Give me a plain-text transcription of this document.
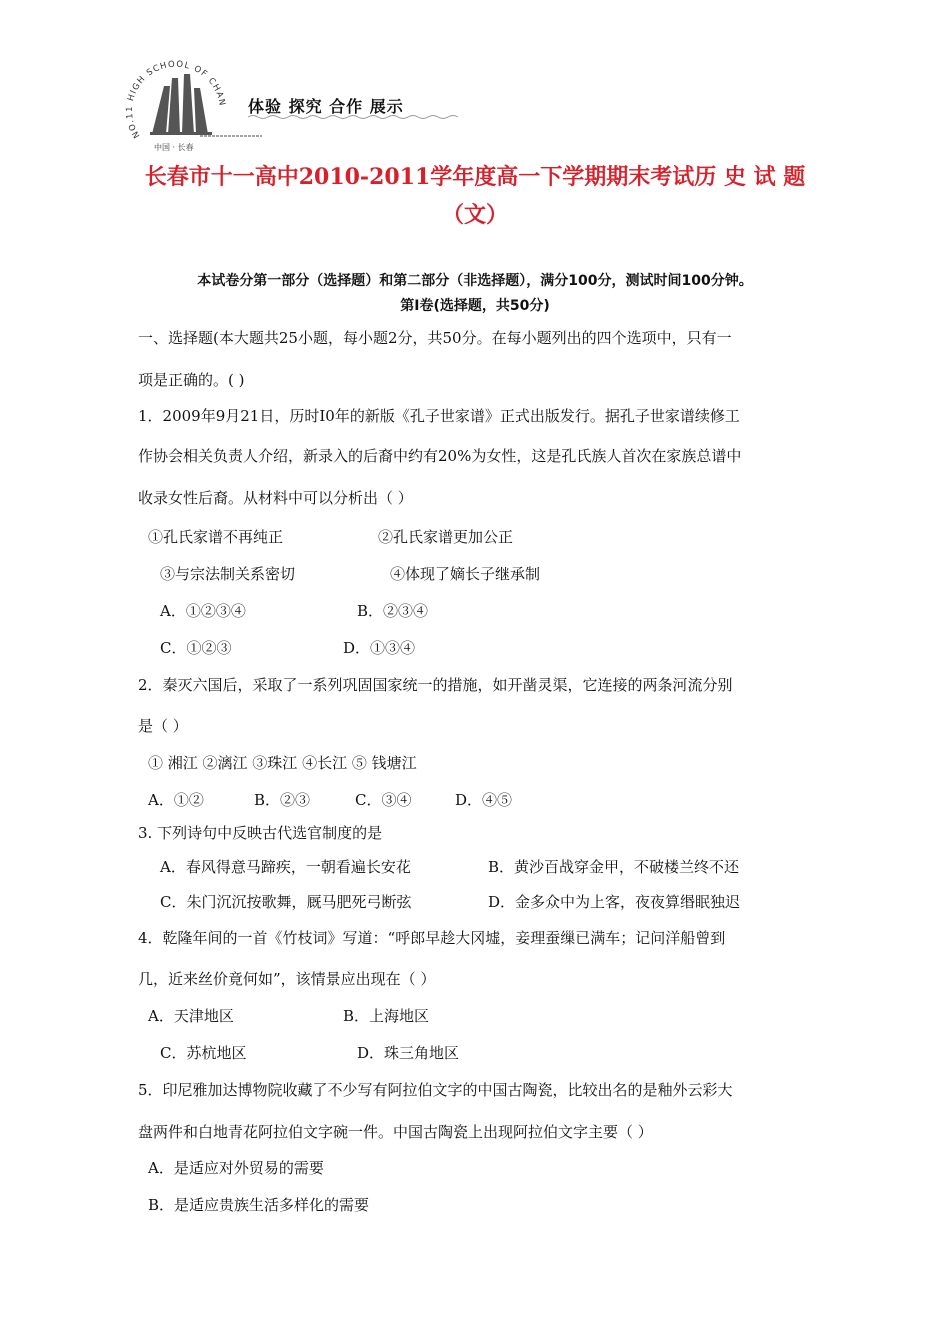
NO.11 HIGH SCHOOL OF CHAN
中国 · 长春
体验 探究 合作 展示
长春市十一高中2010-2011学年度高一下学期期末考试历 史 试 题
（文）
本试卷分第一部分（选择题）和第二部分（非选择题），满分100分，测试时间100分钟。
第Ⅰ卷(选择题，共50分)
一、选择题(本大题共25小题，每小题2分，共50分。在每小题列出的四个选项中，只有一
项是正确的。( )
1．2009年9月21日，历时I0年的新版《孔子世家谱》正式出版发行。据孔子世家谱续修工
作协会相关负责人介绍，新录入的后裔中约有20%为女性，这是孔氏族人首次在家族总谱中
收录女性后裔。从材料中可以分析出（ ）
①孔氏家谱不再纯正	②孔氏家谱更加公正
③与宗法制关系密切	④体现了嫡长子继承制
A．①②③④	B．②③④
C．①②③	D．①③④
2．秦灭六国后，采取了一系列巩固国家统一的措施，如开凿灵渠，它连接的两条河流分别
是（ ）
① 湘江 ②漓江 ③珠江 ④长江 ⑤ 钱塘江
A．①②	B．②③	C．③④	D．④⑤
3. 下列诗句中反映古代选官制度的是
A．春风得意马蹄疾，一朝看遍长安花	B．黄沙百战穿金甲，不破楼兰终不还
C．朱门沉沉按歌舞，厩马肥死弓断弦	D．金多众中为上客，夜夜算缗眠独迟
4．乾隆年间的一首《竹枝词》写道：“呼郎早趁大冈墟，妾理蚕缫已满车；记问洋船曾到
几，近来丝价竟何如”，该情景应出现在（ ）
A．天津地区	B．上海地区
C．苏杭地区	D．珠三角地区
5．印尼雅加达博物院收藏了不少写有阿拉伯文字的中国古陶瓷，比较出名的是釉外云彩大
盘两件和白地青花阿拉伯文字碗一件。中国古陶瓷上出现阿拉伯文字主要（ ）
A．是适应对外贸易的需要
B．是适应贵族生活多样化的需要
